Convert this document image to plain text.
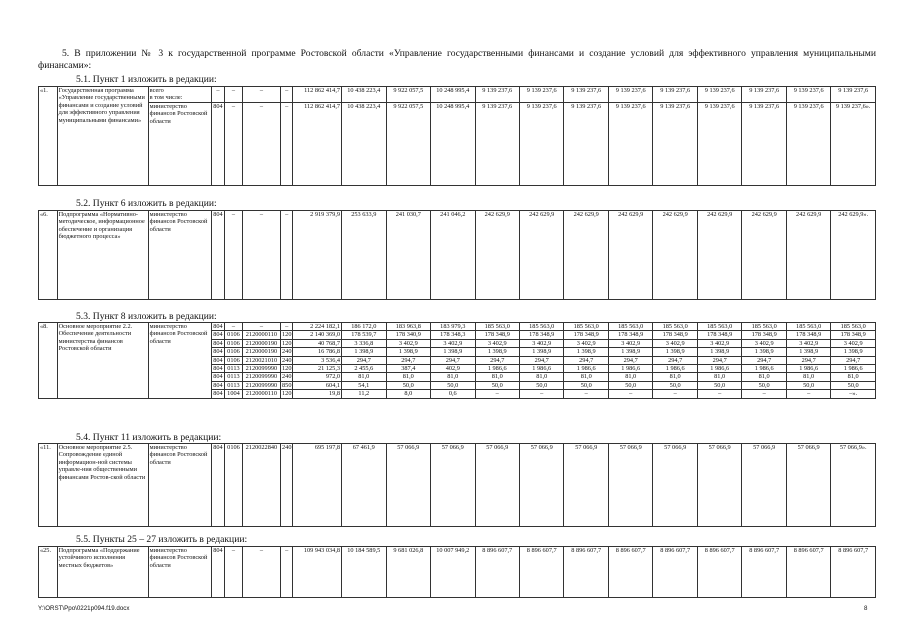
5. В приложении № 3 к государственной программе Ростовской области «Управление государственными финансами и создание условий для эффективного управления муниципальными финансами»:
5.1. Пункт 1 изложить в редакции:
«1.	Государственная программа «Управление государственными финансами и создание условий для эффективного управления муниципальными финансами»	всего
в том числе:	–	–	–	–	112 862 414,7	10 438 223,4	9 922 057,5	10 248 995,4	9 139 237,6	9 139 237,6	9 139 237,6	9 139 237,6	9 139 237,6	9 139 237,6	9 139 237,6	9 139 237,6	9 139 237,6
		министерство финансов Ростовской области	804	–	–	–	112 862 414,7	10 438 223,4	9 922 057,5	10 248 995,4	9 139 237,6	9 139 237,6	9 139 237,6	9 139 237,6	9 139 237,6	9 139 237,6	9 139 237,6	9 139 237,6	9 139 237,6».
5.2. Пункт 6 изложить в редакции:
«6.	Подпрограмма «Нормативно-методическое, информационное обеспечение и организация бюджетного процесса»	министерство финансов Ростовской области	804	–	–	–	2 919 379,9	253 633,9	241 030,7	241 046,2	242 629,9	242 629,9	242 629,9	242 629,9	242 629,9	242 629,9	242 629,9	242 629,9	242 629,9».
5.3. Пункт 8 изложить в редакции:
«8.	Основное мероприятие 2.2. Обеспечение деятельности министерства финансов Ростовской области	министерство финансов Ростовской области	804	–	–	–	2 224 182,1	186 172,0	183 963,8	183 979,3	185 563,0	185 563,0	185 563,0	185 563,0	185 563,0	185 563,0	185 563,0	185 563,0	185 563,0
			804	0106	2120000110	120	2 140 369,0	178 539,7	178 340,9	178 348,3	178 348,9	178 348,9	178 348,9	178 348,9	178 348,9	178 348,9	178 348,9	178 348,9	178 348,9
			804	0106	2120000190	120	40 768,7	3 336,8	3 402,9	3 402,9	3 402,9	3 402,9	3 402,9	3 402,9	3 402,9	3 402,9	3 402,9	3 402,9	3 402,9
			804	0106	2120000190	240	16 786,8	1 398,9	1 398,9	1 398,9	1 398,9	1 398,9	1 398,9	1 398,9	1 398,9	1 398,9	1 398,9	1 398,9	1 398,9
			804	0106	2120021010	240	3 536,4	294,7	294,7	294,7	294,7	294,7	294,7	294,7	294,7	294,7	294,7	294,7	294,7
			804	0113	2120099990	120	21 125,3	2 455,6	387,4	402,9	1 986,6	1 986,6	1 986,6	1 986,6	1 986,6	1 986,6	1 986,6	1 986,6	1 986,6
			804	0113	2120099990	240	972,0	81,0	81,0	81,0	81,0	81,0	81,0	81,0	81,0	81,0	81,0	81,0	81,0
			804	0113	2120099990	850	604,1	54,1	50,0	50,0	50,0	50,0	50,0	50,0	50,0	50,0	50,0	50,0	50,0
			804	1004	2120000110	120	19,8	11,2	8,0	0,6	–	–	–	–	–	–	–	–	–».
5.4. Пункт 11 изложить в редакции:
«11.	Основное мероприятие 2.5. Сопровождение единой информацион-ной системы управле-ния общественными финансами Ростов-ской области	министерство финансов Ростовской области	804	0106	2120022840	240	695 197,8	67 461,9	57 066,9	57 066,9	57 066,9	57 066,9	57 066,9	57 066,9	57 066,9	57 066,9	57 066,9	57 066,9	57 066,9».
5.5. Пункты 25 – 27 изложить в редакции:
«25.	Подпрограмма «Поддержание устойчивого исполнения местных бюджетов»	министерство финансов Ростовской области	804	–	–	–	109 943 034,8	10 184 589,5	9 681 026,8	10 007 949,2	8 896 607,7	8 896 607,7	8 896 607,7	8 896 607,7	8 896 607,7	8 896 607,7	8 896 607,7	8 896 607,7	8 896 607,7
Y:\ORST\Ppo\0221p094.f19.docx	8
